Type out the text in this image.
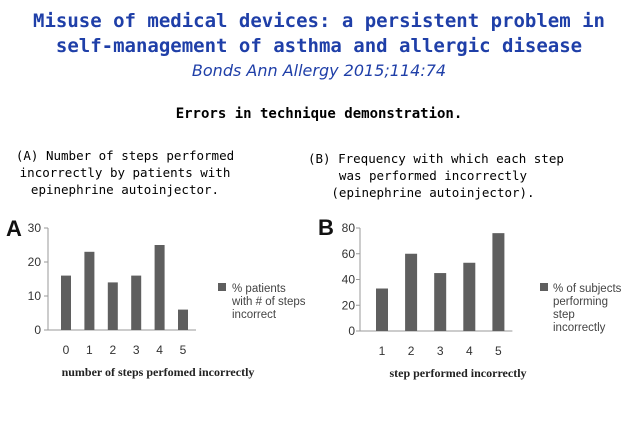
Misuse of medical devices: a persistent problem in
self-management of asthma and allergic disease
Bonds Ann Allergy 2015;114:74
Errors in technique demonstration.
(A) Number of steps performed
incorrectly by patients with
epinephrine autoinjector.
(B) Frequency with which each step
was performed incorrectly
(epinephrine autoinjector).
A
0
10
20
30
0 1 2 3 4 5
number of steps perfomed incorrectly
% patients
with # of steps
incorrect
B
0
20
40
60
80
1 2 3 4 5
step performed incorrectly
% of subjects
performing
step
incorrectly
